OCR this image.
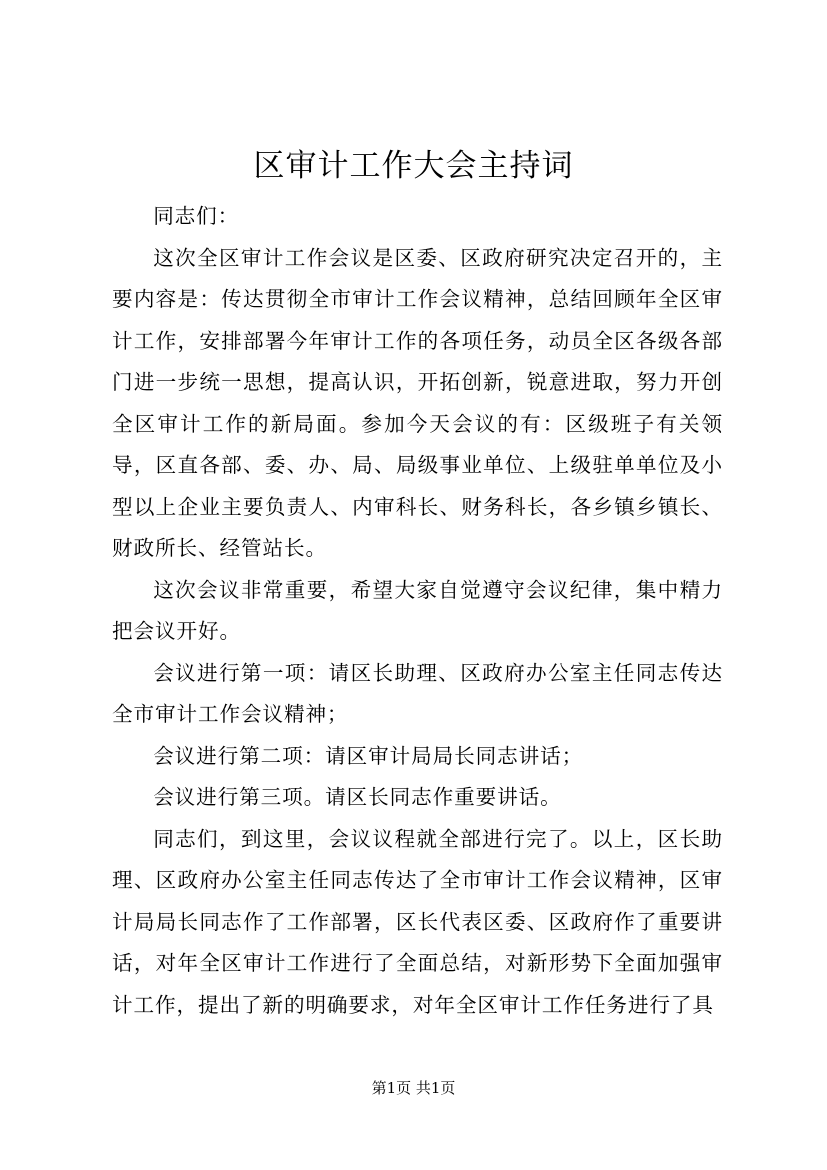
区审计工作大会主持词

同志们：

这次全区审计工作会议是区委、区政府研究决定召开的，主要内容是：传达贯彻全市审计工作会议精神，总结回顾年全区审计工作，安排部署今年审计工作的各项任务，动员全区各级各部门进一步统一思想，提高认识，开拓创新，锐意进取，努力开创全区审计工作的新局面。参加今天会议的有：区级班子有关领导，区直各部、委、办、局、局级事业单位、上级驻单单位及小型以上企业主要负责人、内审科长、财务科长，各乡镇乡镇长、财政所长、经管站长。

这次会议非常重要，希望大家自觉遵守会议纪律，集中精力把会议开好。

会议进行第一项：请区长助理、区政府办公室主任同志传达全市审计工作会议精神；

会议进行第二项：请区审计局局长同志讲话；

会议进行第三项。请区长同志作重要讲话。

同志们，到这里，会议议程就全部进行完了。以上，区长助理、区政府办公室主任同志传达了全市审计工作会议精神，区审计局局长同志作了工作部署，区长代表区委、区政府作了重要讲话，对年全区审计工作进行了全面总结，对新形势下全面加强审计工作，提出了新的明确要求，对年全区审计工作任务进行了具

第1页 共1页
